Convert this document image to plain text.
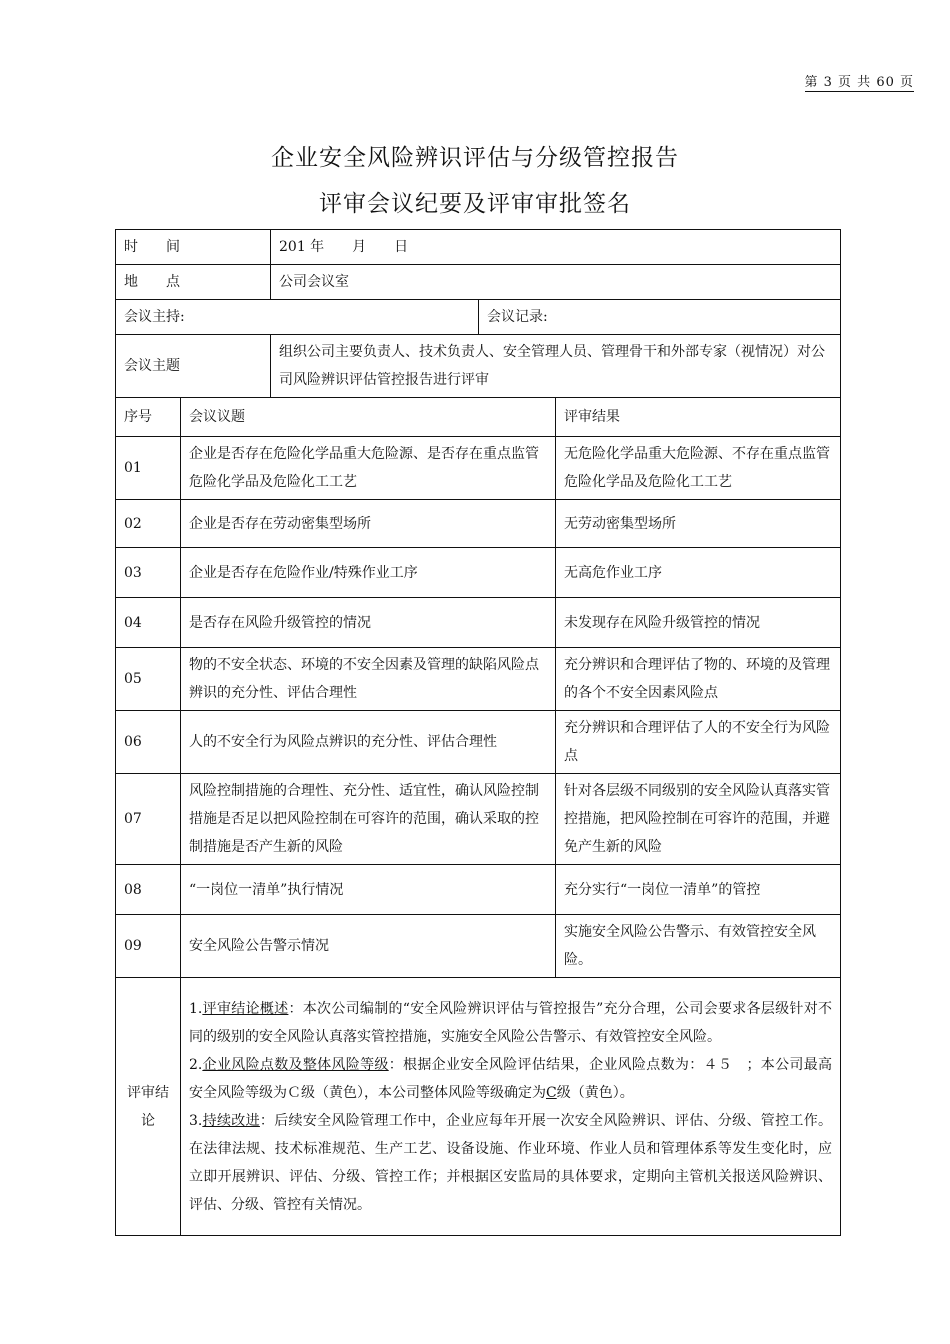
第 3 页 共 60 页
企业安全风险辨识评估与分级管控报告
评审会议纪要及评审审批签名
时　　间		201 年　　月　　日		
地　　点		公司会议室		
会议主持:			会议记录:	
会议主题		组织公司主要负责人、技术负责人、安全管理人员、管理骨干和外部专家（视情况）对公司风险辨识评估管控报告进行评审		
序号	会议议题			评审结果
01	企业是否存在危险化学品重大危险源、是否存在重点监管危险化学品及危险化工工艺			无危险化学品重大危险源、不存在重点监管危险化学品及危险化工工艺
02	企业是否存在劳动密集型场所			无劳动密集型场所
03	企业是否存在危险作业/特殊作业工序			无高危作业工序
04	是否存在风险升级管控的情况			未发现存在风险升级管控的情况
05	物的不安全状态、环境的不安全因素及管理的缺陷风险点辨识的充分性、评估合理性			充分辨识和合理评估了物的、环境的及管理的各个不安全因素风险点
06	人的不安全行为风险点辨识的充分性、评估合理性			充分辨识和合理评估了人的不安全行为风险点
07	风险控制措施的合理性、充分性、适宜性，确认风险控制措施是否足以把风险控制在可容许的范围，确认采取的控制措施是否产生新的风险			针对各层级不同级别的安全风险认真落实管控措施，把风险控制在可容许的范围，并避免产生新的风险
08	“一岗位一清单”执行情况			充分实行“一岗位一清单”的管控
09	安全风险公告警示情况			实施安全风险公告警示、有效管控安全风险。
评审结论	1.评审结论概述：本次公司编制的“安全风险辨识评估与管控报告”充分合理，公司会要求各层级针对不同的级别的安全风险认真落实管控措施，实施安全风险公告警示、有效管控安全风险。

2.企业风险点数及整体风险等级：根据企业安全风险评估结果，企业风险点数为：４５　；本公司最高安全风险等级为Ｃ级（黄色），本公司整体风险等级确定为C级（黄色）。

3.持续改进：后续安全风险管理工作中，企业应每年开展一次安全风险辨识、评估、分级、管控工作。在法律法规、技术标准规范、生产工艺、设备设施、作业环境、作业人员和管理体系等发生变化时，应立即开展辨识、评估、分级、管控工作；并根据区安监局的具体要求，定期向主管机关报送风险辨识、评估、分级、管控有关情况。			
